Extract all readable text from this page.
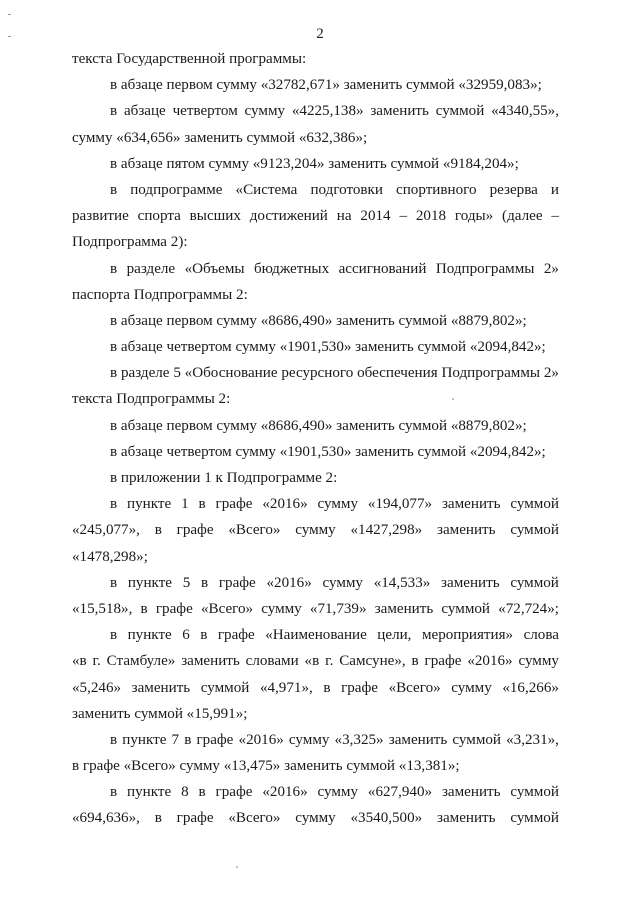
2
текста Государственной программы:
в абзаце первом сумму «32782,671» заменить суммой «32959,083»;
в абзаце четвертом сумму «4225,138» заменить суммой «4340,55»,
сумму «634,656» заменить суммой «632,386»;
в абзаце пятом сумму «9123,204» заменить суммой «9184,204»;
в подпрограмме «Система подготовки спортивного резерва и
развитие спорта высших достижений на 2014 – 2018 годы» (далее –
Подпрограмма 2):
в разделе «Объемы бюджетных ассигнований Подпрограммы 2»
паспорта Подпрограммы 2:
в абзаце первом сумму «8686,490» заменить суммой «8879,802»;
в абзаце четвертом сумму «1901,530» заменить суммой «2094,842»;
в разделе 5 «Обоснование ресурсного обеспечения Подпрограммы 2»
текста Подпрограммы 2:
в абзаце первом сумму «8686,490» заменить суммой «8879,802»;
в абзаце четвертом сумму «1901,530» заменить суммой «2094,842»;
в приложении 1 к Подпрограмме 2:
в пункте 1 в графе «2016» сумму «194,077» заменить суммой
«245,077», в графе «Всего» сумму «1427,298» заменить суммой
«1478,298»;
в пункте 5 в графе «2016» сумму «14,533» заменить суммой
«15,518», в графе «Всего» сумму «71,739» заменить суммой «72,724»;
в пункте 6 в графе «Наименование цели, мероприятия» слова
«в г. Стамбуле» заменить словами «в г. Самсуне», в графе «2016» сумму
«5,246» заменить суммой «4,971», в графе «Всего» сумму «16,266»
заменить суммой «15,991»;
в пункте 7 в графе «2016» сумму «3,325» заменить суммой «3,231»,
в графе «Всего» сумму «13,475» заменить суммой «13,381»;
в пункте 8 в графе «2016» сумму «627,940» заменить суммой
«694,636», в графе «Всего» сумму «3540,500» заменить суммой
